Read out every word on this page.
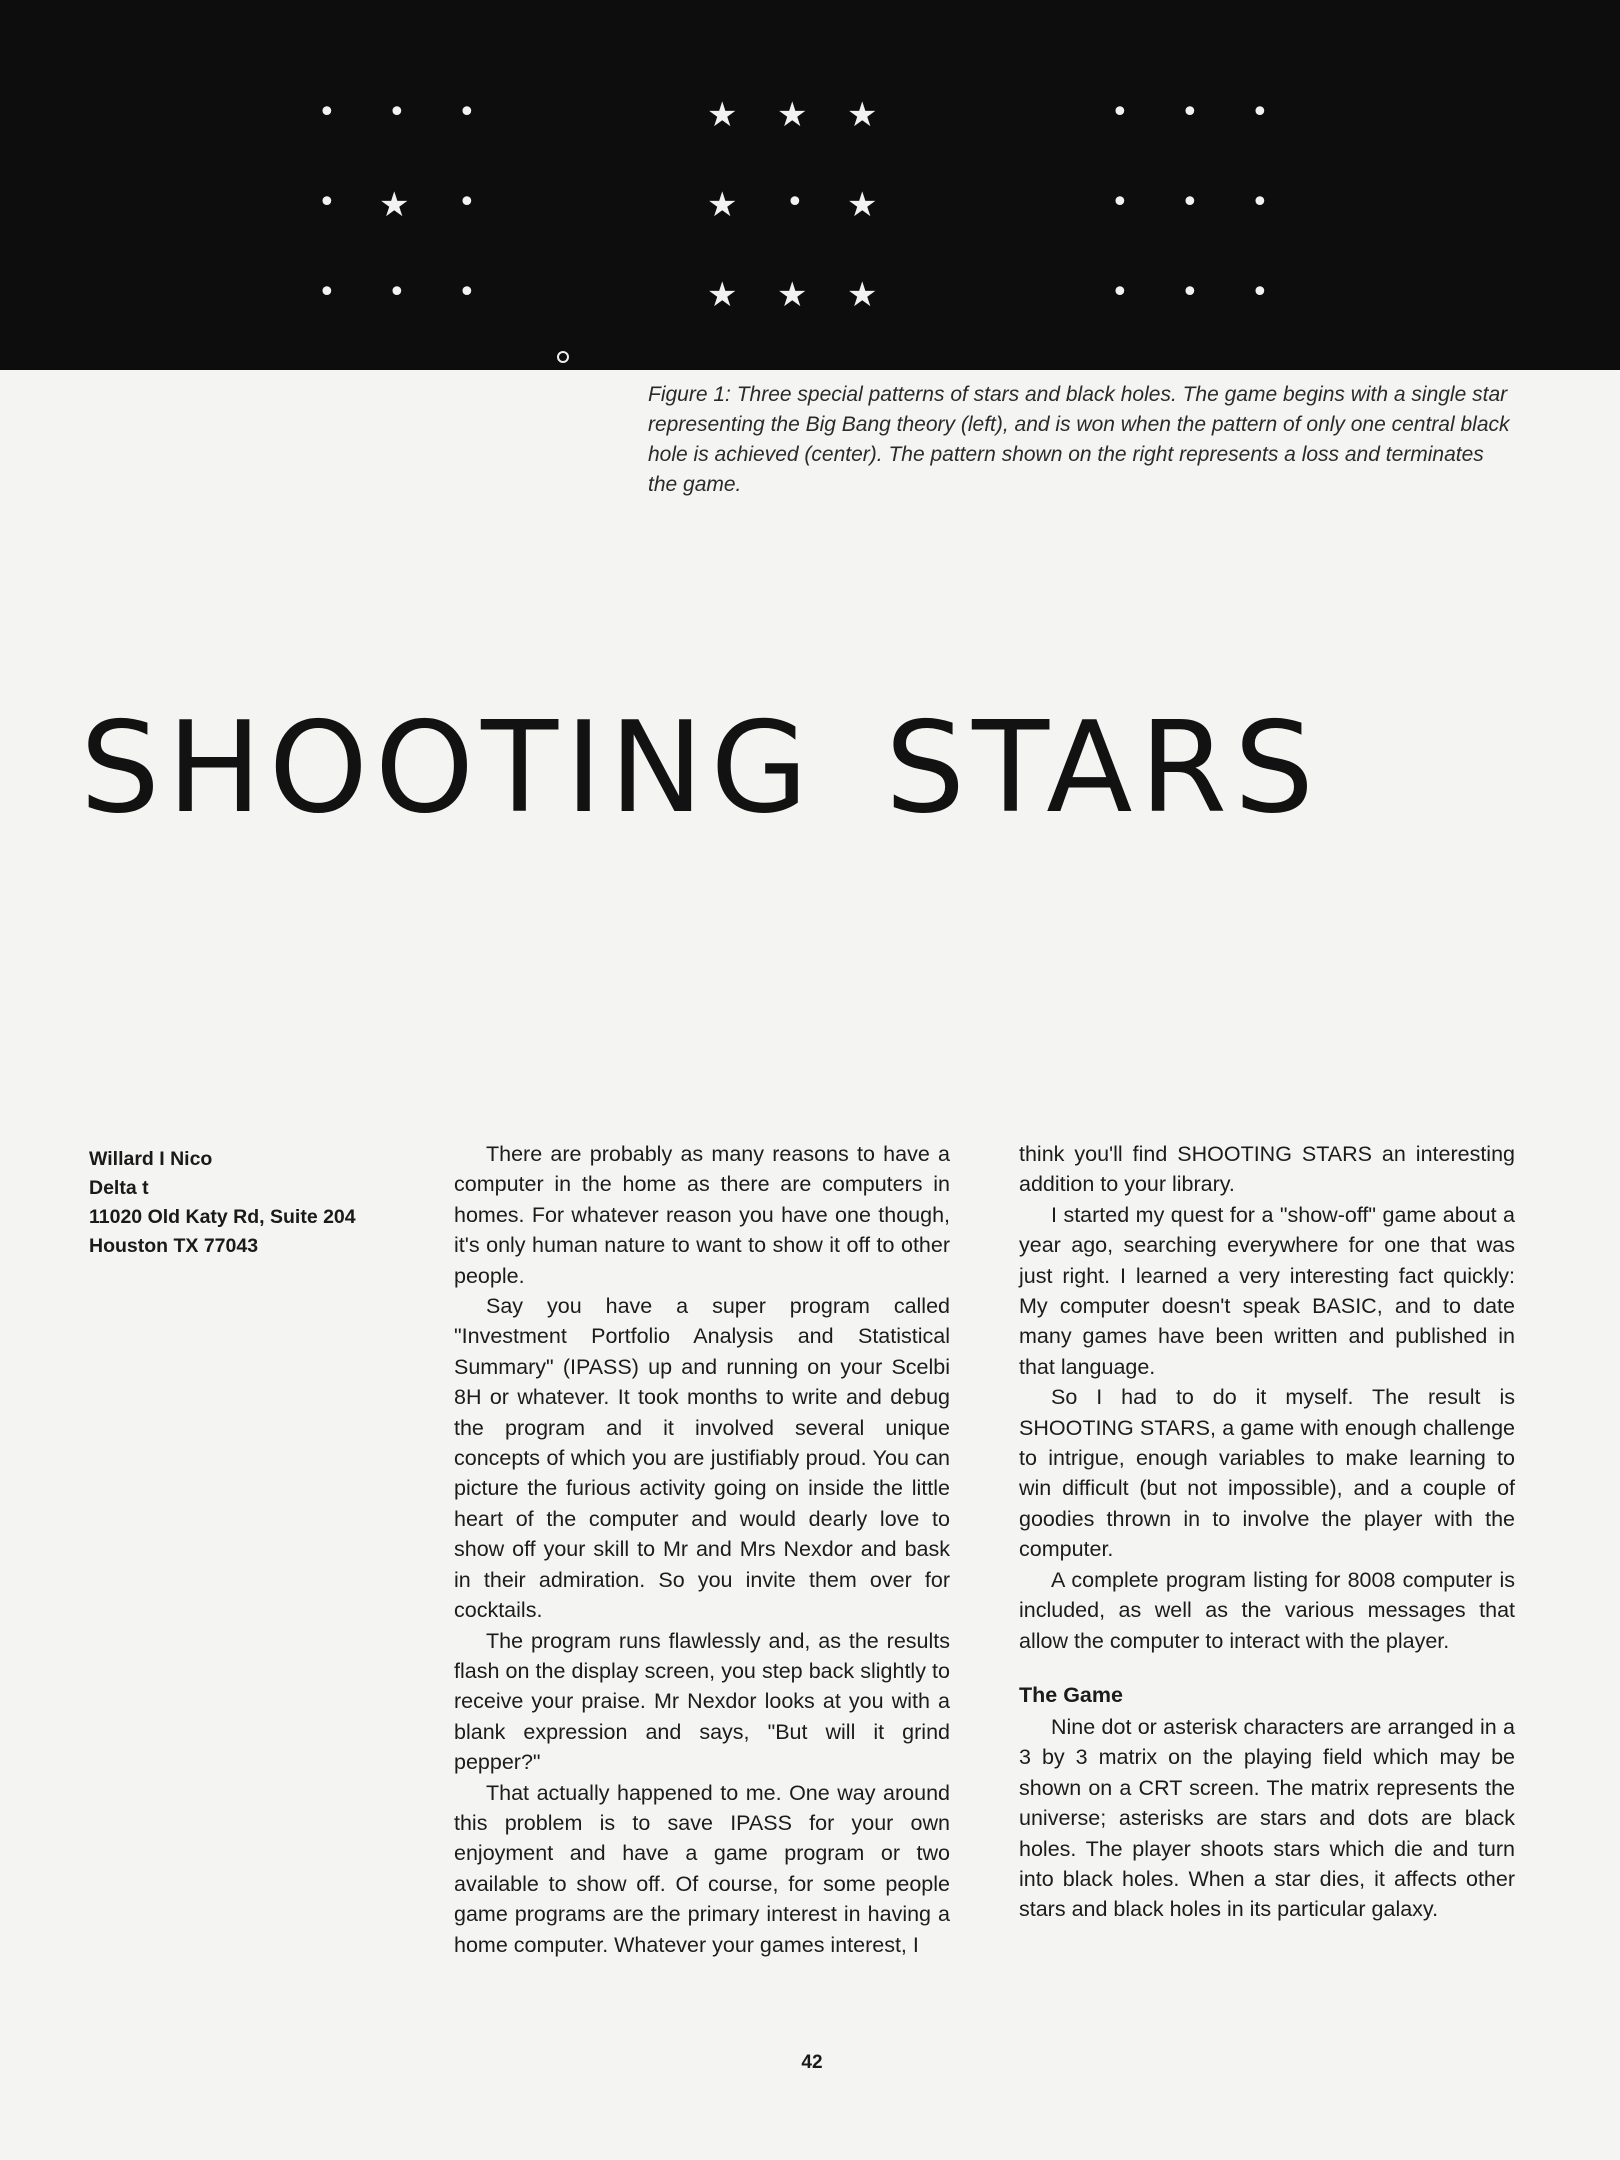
•	•	•
•	★	•
•	•	•
★	★	★
★	•	★
★	★	★
•	•	•
•	•	•
•	•	•
Figure 1: Three special patterns of stars and black holes. The game begins with a single star representing the Big Bang theory (left), and is won when the pattern of only one central black hole is achieved (center). The pattern shown on the right represents a loss and terminates the game.
SHOOTING STARS
Willard I Nico
Delta t
11020 Old Katy Rd, Suite 204
Houston TX 77043

There are probably as many reasons to have a computer in the home as there are computers in homes. For whatever reason you have one though, it's only human nature to want to show it off to other people.

Say you have a super program called "Investment Portfolio Analysis and Statistical Summary" (IPASS) up and running on your Scelbi 8H or whatever. It took months to write and debug the program and it involved several unique concepts of which you are justifiably proud. You can picture the furious activity going on inside the little heart of the computer and would dearly love to show off your skill to Mr and Mrs Nexdor and bask in their admiration. So you invite them over for cocktails.

The program runs flawlessly and, as the results flash on the display screen, you step back slightly to receive your praise. Mr Nexdor looks at you with a blank expression and says, "But will it grind pepper?"

That actually happened to me. One way around this problem is to save IPASS for your own enjoyment and have a game program or two available to show off. Of course, for some people game programs are the primary interest in having a home computer. Whatever your games interest, I

think you'll find SHOOTING STARS an interesting addition to your library.

I started my quest for a "show-off" game about a year ago, searching everywhere for one that was just right. I learned a very interesting fact quickly: My computer doesn't speak BASIC, and to date many games have been written and published in that language.

So I had to do it myself. The result is SHOOTING STARS, a game with enough challenge to intrigue, enough variables to make learning to win difficult (but not impossible), and a couple of goodies thrown in to involve the player with the computer.

A complete program listing for 8008 computer is included, as well as the various messages that allow the computer to interact with the player.

The Game

Nine dot or asterisk characters are arranged in a 3 by 3 matrix on the playing field which may be shown on a CRT screen. The matrix represents the universe; asterisks are stars and dots are black holes. The player shoots stars which die and turn into black holes. When a star dies, it affects other stars and black holes in its particular galaxy.

42
